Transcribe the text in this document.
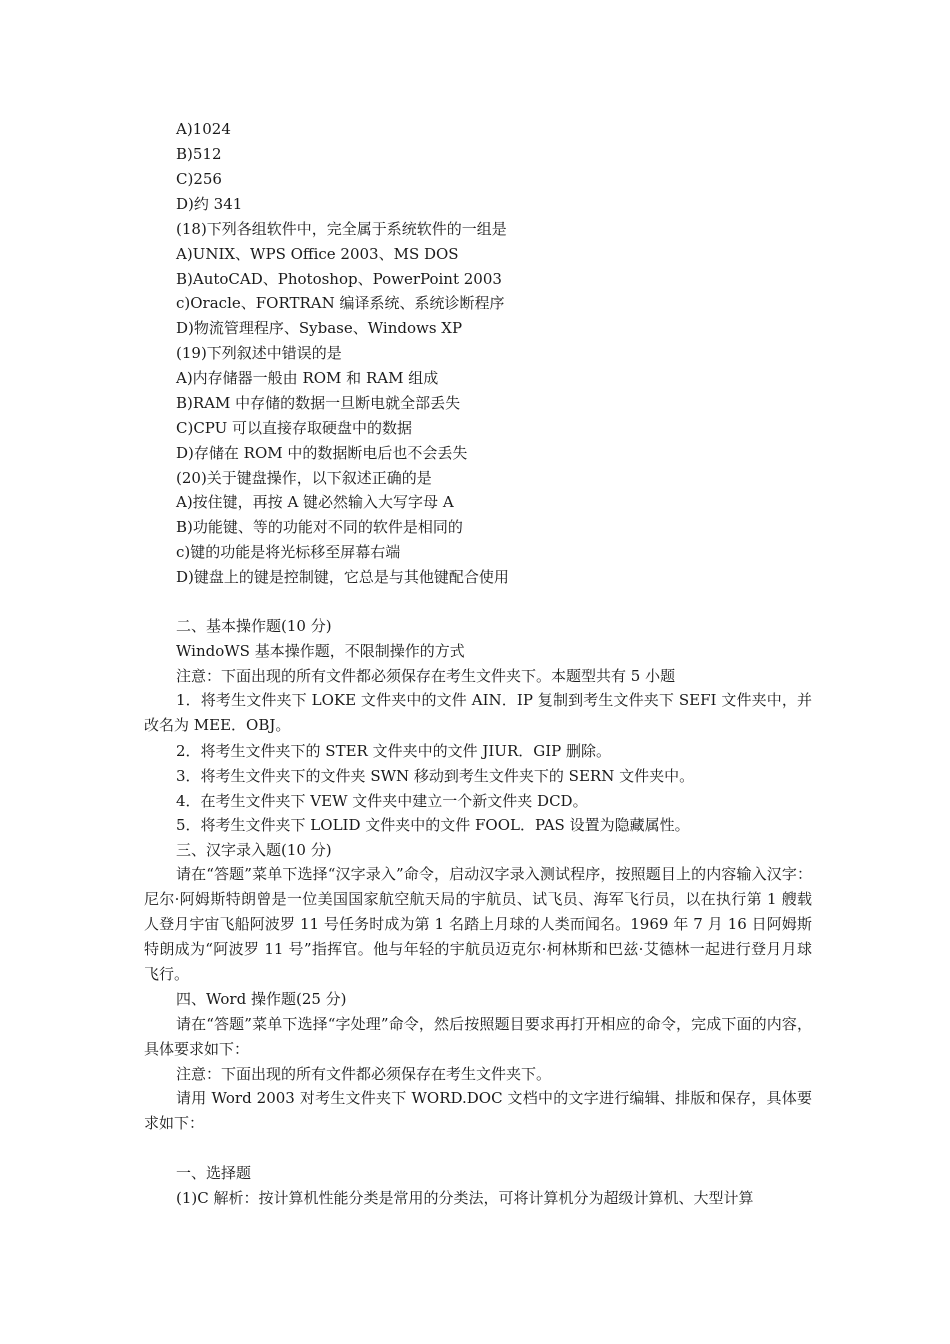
A)1024
B)512
C)256
D)约 341
(18)下列各组软件中，完全属于系统软件的一组是
A)UNIX、WPS Office 2003、MS DOS
B)AutoCAD、Photoshop、PowerPoint 2003
c)Oracle、FORTRAN 编译系统、系统诊断程序
D)物流管理程序、Sybase、Windows XP
(19)下列叙述中错误的是
A)内存储器一般由 ROM 和 RAM 组成
B)RAM 中存储的数据一旦断电就全部丢失
C)CPU 可以直接存取硬盘中的数据
D)存储在 ROM 中的数据断电后也不会丢失
(20)关于键盘操作，以下叙述正确的是
A)按住键，再按 A 键必然输入大写字母 A
B)功能键、等的功能对不同的软件是相同的
c)键的功能是将光标移至屏幕右端
D)键盘上的键是控制键，它总是与其他键配合使用
二、基本操作题(10 分)
WindoWS 基本操作题，不限制操作的方式
注意：下面出现的所有文件都必须保存在考生文件夹下。本题型共有 5 小题
1．将考生文件夹下 LOKE 文件夹中的文件 AIN．IP 复制到考生文件夹下 SEFI 文件夹中，并改名为 MEE．OBJ。
2．将考生文件夹下的 STER 文件夹中的文件 JIUR．GIP 删除。
3．将考生文件夹下的文件夹 SWN 移动到考生文件夹下的 SERN 文件夹中。
4．在考生文件夹下 VEW 文件夹中建立一个新文件夹 DCD。
5．将考生文件夹下 LOLID 文件夹中的文件 FOOL．PAS 设置为隐藏属性。
三、汉字录入题(10 分)
请在“答题”菜单下选择“汉字录入”命令，启动汉字录入测试程序，按照题目上的内容输入汉字：尼尔·阿姆斯特朗曾是一位美国国家航空航天局的宇航员、试飞员、海军飞行员，以在执行第 1 艘载人登月宇宙飞船阿波罗 11 号任务时成为第 1 名踏上月球的人类而闻名。1969 年 7 月 16 日阿姆斯特朗成为“阿波罗 11 号”指挥官。他与年轻的宇航员迈克尔·柯林斯和巴兹·艾德林一起进行登月月球飞行。
四、Word 操作题(25 分)
请在“答题”菜单下选择“字处理”命令，然后按照题目要求再打开相应的命令，完成下面的内容，具体要求如下：
注意：下面出现的所有文件都必须保存在考生文件夹下。
请用 Word 2003 对考生文件夹下 WORD.DOC 文档中的文字进行编辑、排版和保存，具体要求如下：
一、选择题
(1)C 解析：按计算机性能分类是常用的分类法，可将计算机分为超级计算机、大型计算
